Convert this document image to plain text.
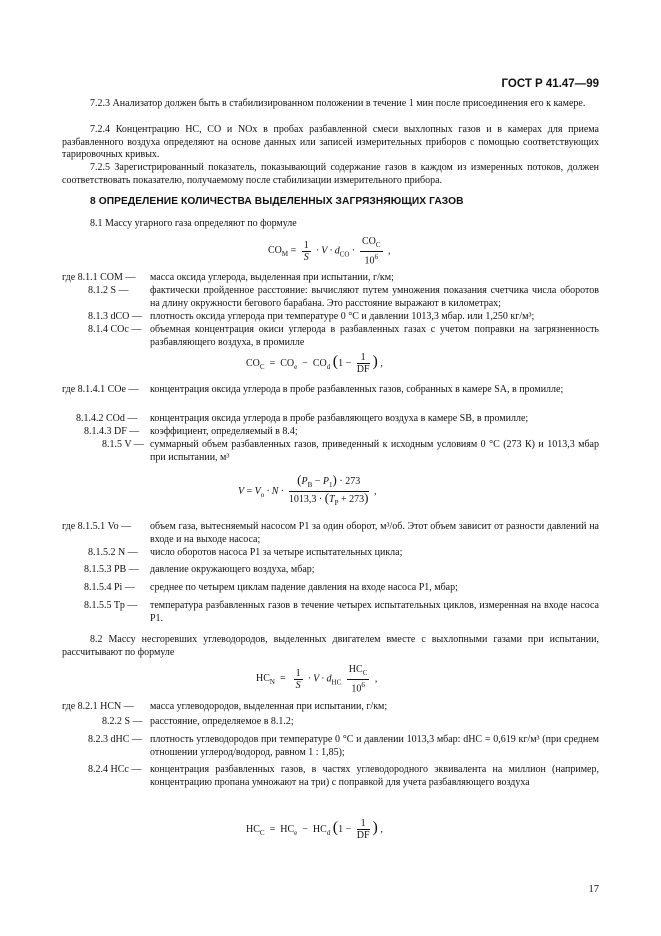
ГОСТ Р 41.47—99

7.2.3 Анализатор должен быть в стабилизированном положении в течение 1 мин после присоединения его к камере.

7.2.4 Концентрацию НС, СО и NOx в пробах разбавленной смеси выхлопных газов и в камерах для приема разбавленного воздуха определяют на основе данных или записей измерительных приборов с помощью соответствующих тарировочных кривых.

7.2.5 Зарегистрированный показатель, показывающий содержание газов в каждом из измеренных потоков, должен соответствовать показателю, получаемому после стабилизации измерительного прибора.

8 ОПРЕДЕЛЕНИЕ КОЛИЧЕСТВА ВЫДЕЛЕННЫХ ЗАГРЯЗНЯЮЩИХ ГАЗОВ

8.1 Массу угарного газа определяют по формуле

$CO_M = \frac{1}{S} \cdot V \cdot d_{CO}$ ·
$CO_C$
$10^6$
,
где 8.1.1 COM — масса оксида углерода, выделенная при испытании, г/км;
8.1.2 S — фактически пройденное расстояние: вычисляют путем умножения показания счетчика числа оборотов на длину окружности бегового барабана. Это расстояние выражают в километрах;
8.1.3 dCO — плотность оксида углерода при температуре 0 °С и давлении 1013,3 мбар. или 1,250 кг/м³;
8.1.4 COc — объемная концентрация окиси углерода в разбавленных газах с учетом поправки на загрязненность разбавляющего воздуха, в промилле
$CO_C = CO_e - CO_d$ ($1 - \frac{1}{DF}$ ) ,
где 8.1.4.1 COe — концентрация оксида углерода в пробе разбавленных газов, собранных в камере SA, в промилле;
8.1.4.2 COd — концентрация оксида углерода в пробе разбавляющего воздуха в камере SB, в промилле;
8.1.4.3 DF — коэффициент, определяемый в 8.4;
8.1.5 V — суммарный объем разбавленных газов, приведенный к исходным условиям 0 °С (273 К) и 1013,3 мбар при испытании, м³
$V = V_o \cdot N \cdot \frac{(P_B - P_1) \cdot 273}{1013,3 \cdot (T_P + 273)}$ ,
где 8.1.5.1 Vo — объем газа, вытесняемый насосом P1 за один оборот, м³/об. Этот объем зависит от разности давлений на входе и на выходе насоса;
8.1.5.2 N — число оборотов насоса P1 за четыре испытательных цикла;
8.1.5.3 PB — давление окружающего воздуха, мбар;
8.1.5.4 Pi — среднее по четырем циклам падение давления на входе насоса P1, мбар;
8.1.5.5 Tp — температура разбавленных газов в течение четырех испытательных циклов, измеренная на входе насоса P1.

8.2 Массу несгоревших углеводородов, выделенных двигателем вместе с выхлопными газами при испытании, рассчитывают по формуле

$HC_N = \frac{1}{S} \cdot V \cdot d_{HC}$
$HC_C$
$10^6$
,
где 8.2.1 HCN — масса углеводородов, выделенная при испытании, г/км;
8.2.2 S — расстояние, определяемое в 8.1.2;
8.2.3 dHC — плотность углеводородов при температуре 0 °С и давлении 1013,3 мбар: dHC = 0,619 кг/м³ (при среднем отношении углерод/водород, равном 1 : 1,85);
8.2.4 HCc — концентрация разбавленных газов, в частях углеводородного эквивалента на миллион (например, концентрацию пропана умножают на три) с поправкой для учета разбавляющего воздуха
$HC_C = HC_e - HC_d$ ($1 - \frac{1}{DF}$ ) ,
17
